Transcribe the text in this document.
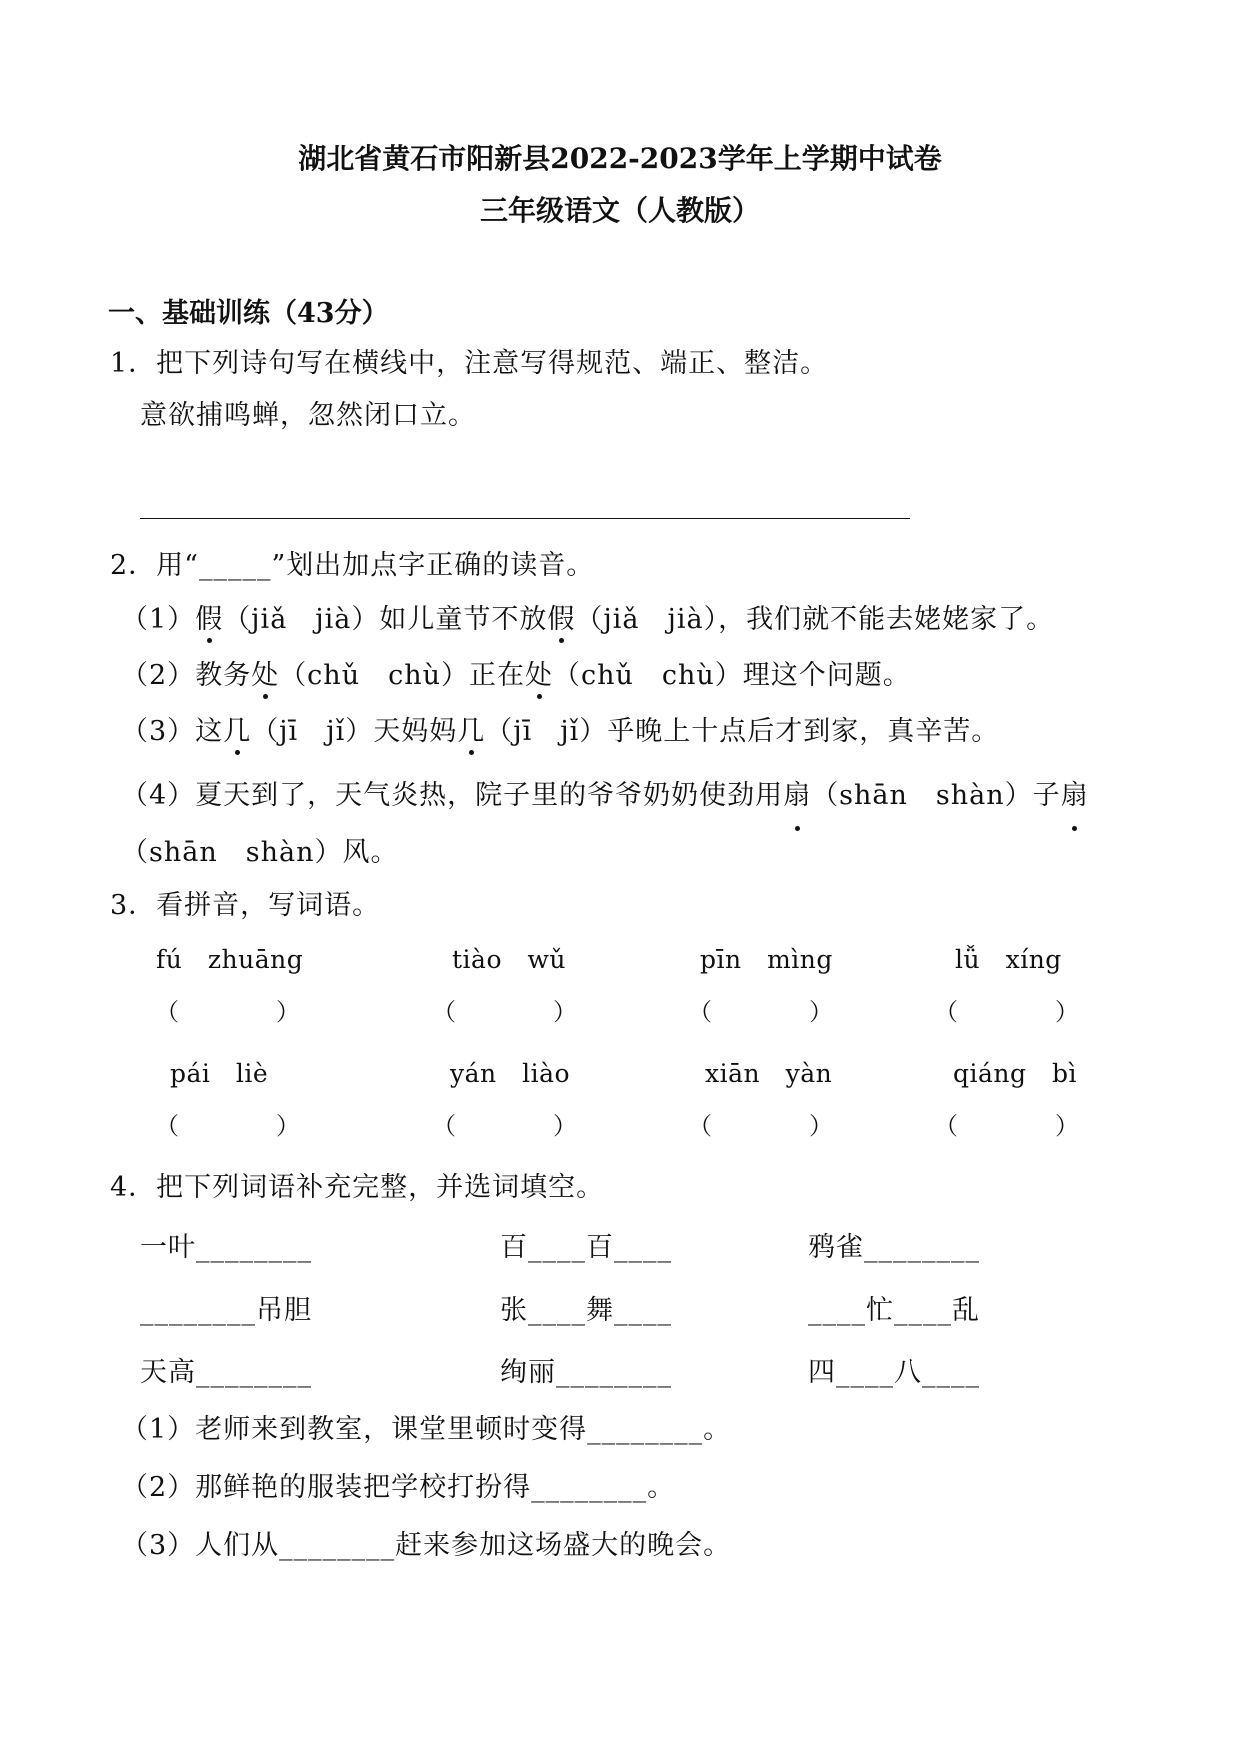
湖北省黄石市阳新县2022-2023学年上学期中试卷
三年级语文（人教版）
一、基础训练（43分）
1．把下列诗句写在横线中，注意写得规范、端正、整洁。
意欲捕鸣蝉，忽然闭口立。
2．用“_____”划出加点字正确的读音。
（1）假（jiǎ　jià）如儿童节不放假（jiǎ　jià），我们就不能去姥姥家了。
（2）教务处（chǔ　chù）正在处（chǔ　chù）理这个问题。
（3）这几（jī　jǐ）天妈妈几（jī　jǐ）乎晚上十点后才到家，真辛苦。
（4）夏天到了，天气炎热，院子里的爷爷奶奶使劲用扇（shān　shàn）子扇（shān　shàn）风。
3．看拼音，写词语。
fú　zhuāng	tiào　wǔ	pīn　mìng	lǚ　xíng
（	）	（	）	（	）	（	）
pái　liè	yán　liào	xiān　yàn	qiáng　bì
（	）	（	）	（	）	（	）
4．把下列词语补充完整，并选词填空。
一叶________	百____百____	鸦雀________
________吊胆	张____舞____	____忙____乱
天高________	绚丽________	四____八____
（1）老师来到教室，课堂里顿时变得________。
（2）那鲜艳的服装把学校打扮得________。
（3）人们从________赶来参加这场盛大的晚会。
